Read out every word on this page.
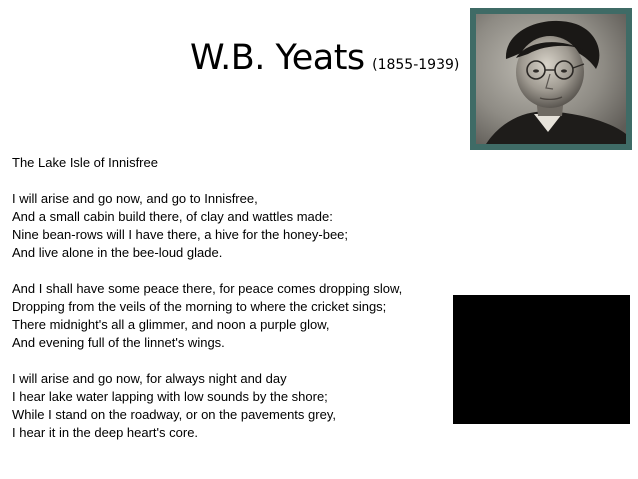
W.B. Yeats (1855-1939)
The Lake Isle of Innisfree
I will arise and go now, and go to Innisfree,
And a small cabin build there, of clay and wattles made:
Nine bean-rows will I have there, a hive for the honey-bee;
And live alone in the bee-loud glade.
And I shall have some peace there, for peace comes dropping slow,
Dropping from the veils of the morning to where the cricket sings;
There midnight's all a glimmer, and noon a purple glow,
And evening full of the linnet's wings.
I will arise and go now, for always night and day
I hear lake water lapping with low sounds by the shore;
While I stand on the roadway, or on the pavements grey,
I hear it in the deep heart's core.
